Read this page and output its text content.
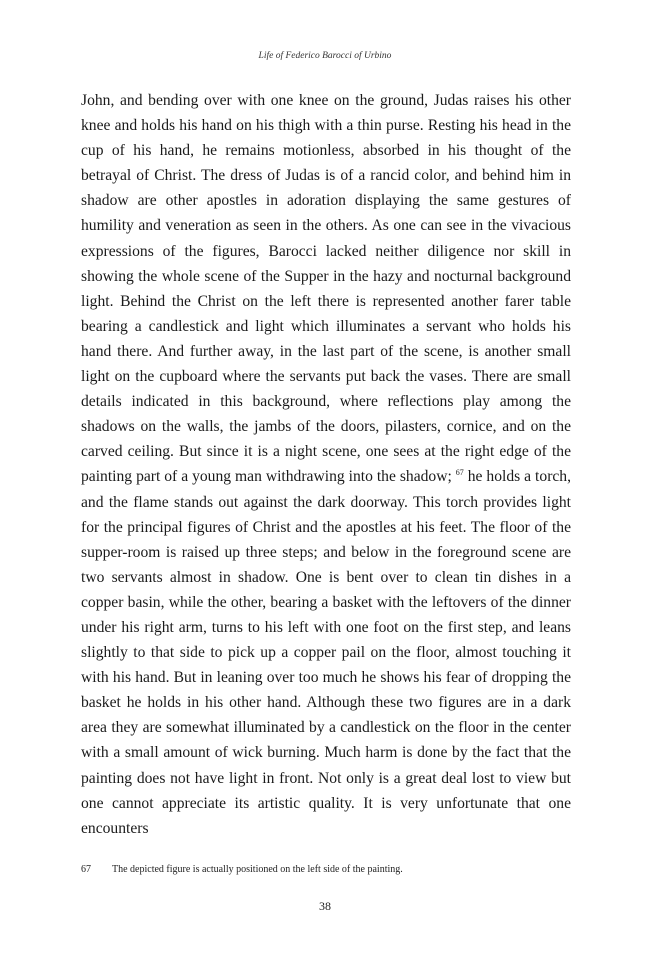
Life of Federico Barocci of Urbino

John, and bending over with one knee on the ground, Judas raises his other knee and holds his hand on his thigh with a thin purse. Resting his head in the cup of his hand, he remains motionless, absorbed in his thought of the betrayal of Christ. The dress of Judas is of a rancid color, and behind him in shadow are other apostles in adoration displaying the same gestures of humility and veneration as seen in the others. As one can see in the vivacious expressions of the figures, Barocci lacked neither diligence nor skill in showing the whole scene of the Supper in the hazy and nocturnal background light. Behind the Christ on the left there is represented another farer table bearing a candlestick and light which illuminates a servant who holds his hand there. And further away, in the last part of the scene, is another small light on the cupboard where the servants put back the vases. There are small details indicated in this background, where reflections play among the shadows on the walls, the jambs of the doors, pilasters, cornice, and on the carved ceiling. But since it is a night scene, one sees at the right edge of the painting part of a young man withdrawing into the shadow; $^{67}$ he holds a torch, and the flame stands out against the dark doorway. This torch provides light for the principal figures of Christ and the apostles at his feet. The floor of the supper-room is raised up three steps; and below in the foreground scene are two servants almost in shadow. One is bent over to clean tin dishes in a copper basin, while the other, bearing a basket with the leftovers of the dinner under his right arm, turns to his left with one foot on the first step, and leans slightly to that side to pick up a copper pail on the floor, almost touching it with his hand. But in leaning over too much he shows his fear of dropping the basket he holds in his other hand. Although these two figures are in a dark area they are somewhat illuminated by a candlestick on the floor in the center with a small amount of wick burning. Much harm is done by the fact that the painting does not have light in front. Not only is a great deal lost to view but one cannot appreciate its artistic quality. It is very unfortunate that one encounters

67 The depicted figure is actually positioned on the left side of the painting.
38
